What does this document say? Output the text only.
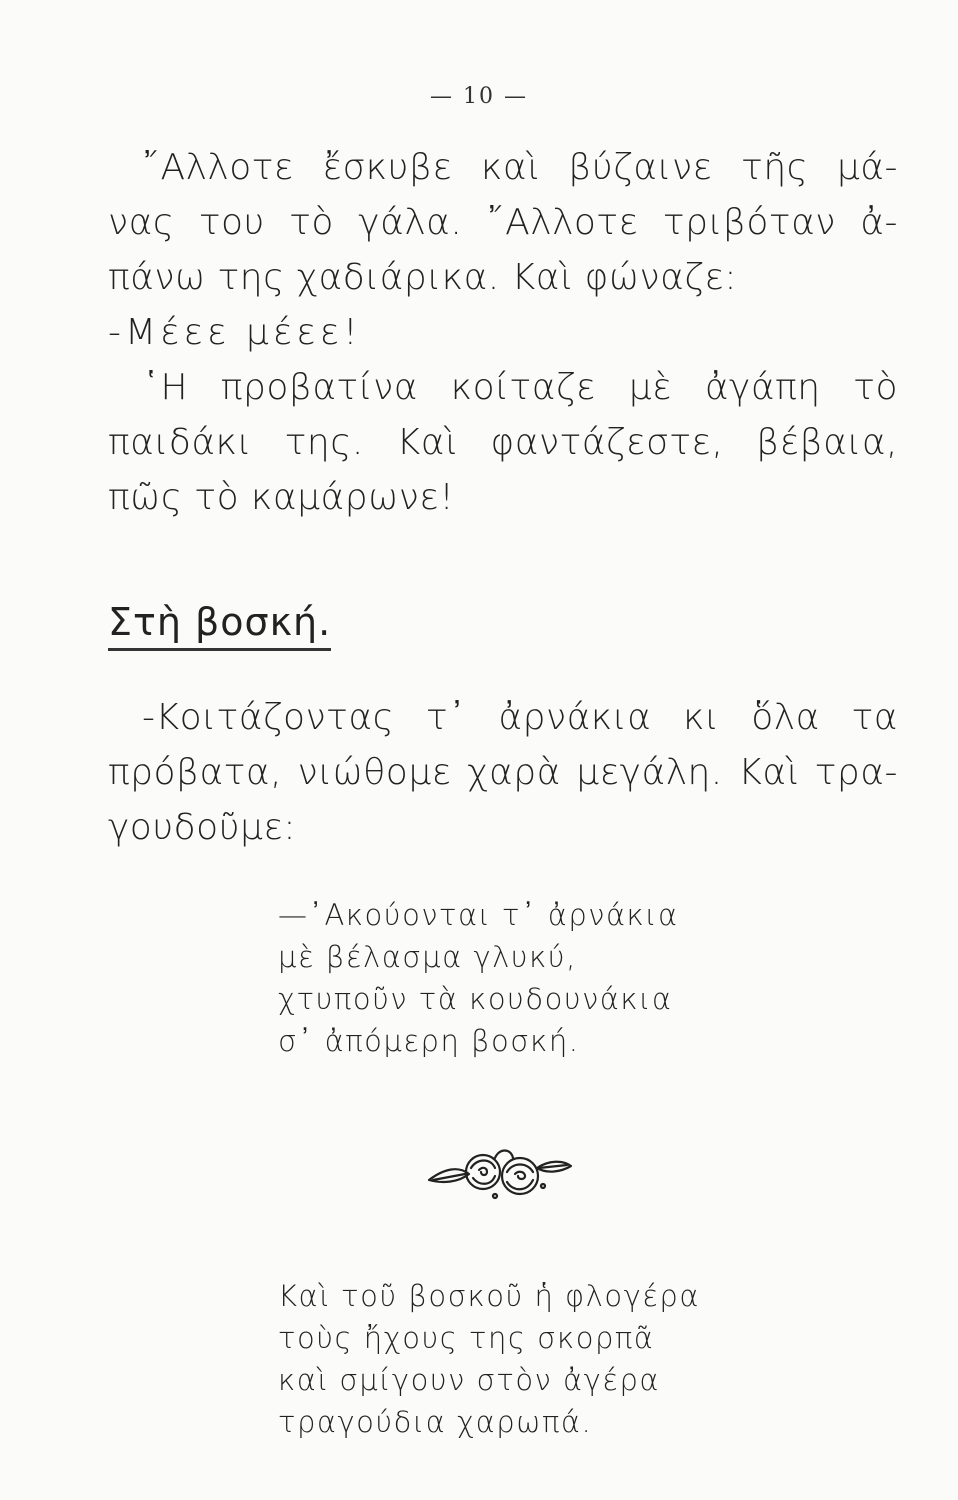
— 10 —
῎Αλλοτε ἔσκυβε καὶ βύζαινε τῆς μά-
νας του τὸ γάλα. ῎Αλλοτε τριβόταν ἀ-
πάνω της χαδιάρικα. Καὶ φώναζε:
-Μέεε μέεε!
῾Η προβατίνα κοίταζε μὲ ἀγάπη τὸ
παιδάκι της. Καὶ φαντάζεστε, βέβαια,
πῶς τὸ καμάρωνε!
Στὴ βοσκή.
-Κοιτάζοντας τ᾿ ἀρνάκια κι ὅλα τα
πρόβατα, νιώθομε χαρὰ μεγάλη. Καὶ τρα-
γουδοῦμε:
—᾿Ακούονται τ᾿ ἀρνάκια
μὲ βέλασμα γλυκύ,
χτυποῦν τὰ κουδουνάκια
σ᾿ ἀπόμερη βοσκή.
Καὶ τοῦ βοσκοῦ ἡ φλογέρα
τοὺς ἤχους της σκορπᾶ
καὶ σμίγουν στὸν ἀγέρα
τραγούδια χαρωπά.
